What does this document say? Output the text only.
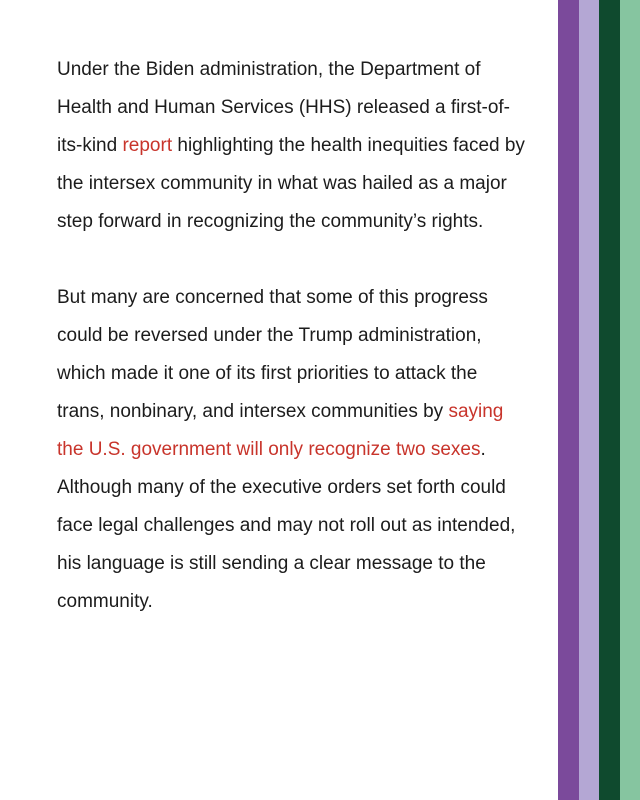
Under the Biden administration, the Department of Health and Human Services (HHS) released a first-of-its-kind report highlighting the health inequities faced by the intersex community in what was hailed as a major step forward in recognizing the community’s rights.

But many are concerned that some of this progress could be reversed under the Trump administration, which made it one of its first priorities to attack the trans, nonbinary, and intersex communities by saying the U.S. government will only recognize two sexes. Although many of the executive orders set forth could face legal challenges and may not roll out as intended, his language is still sending a clear message to the community.
